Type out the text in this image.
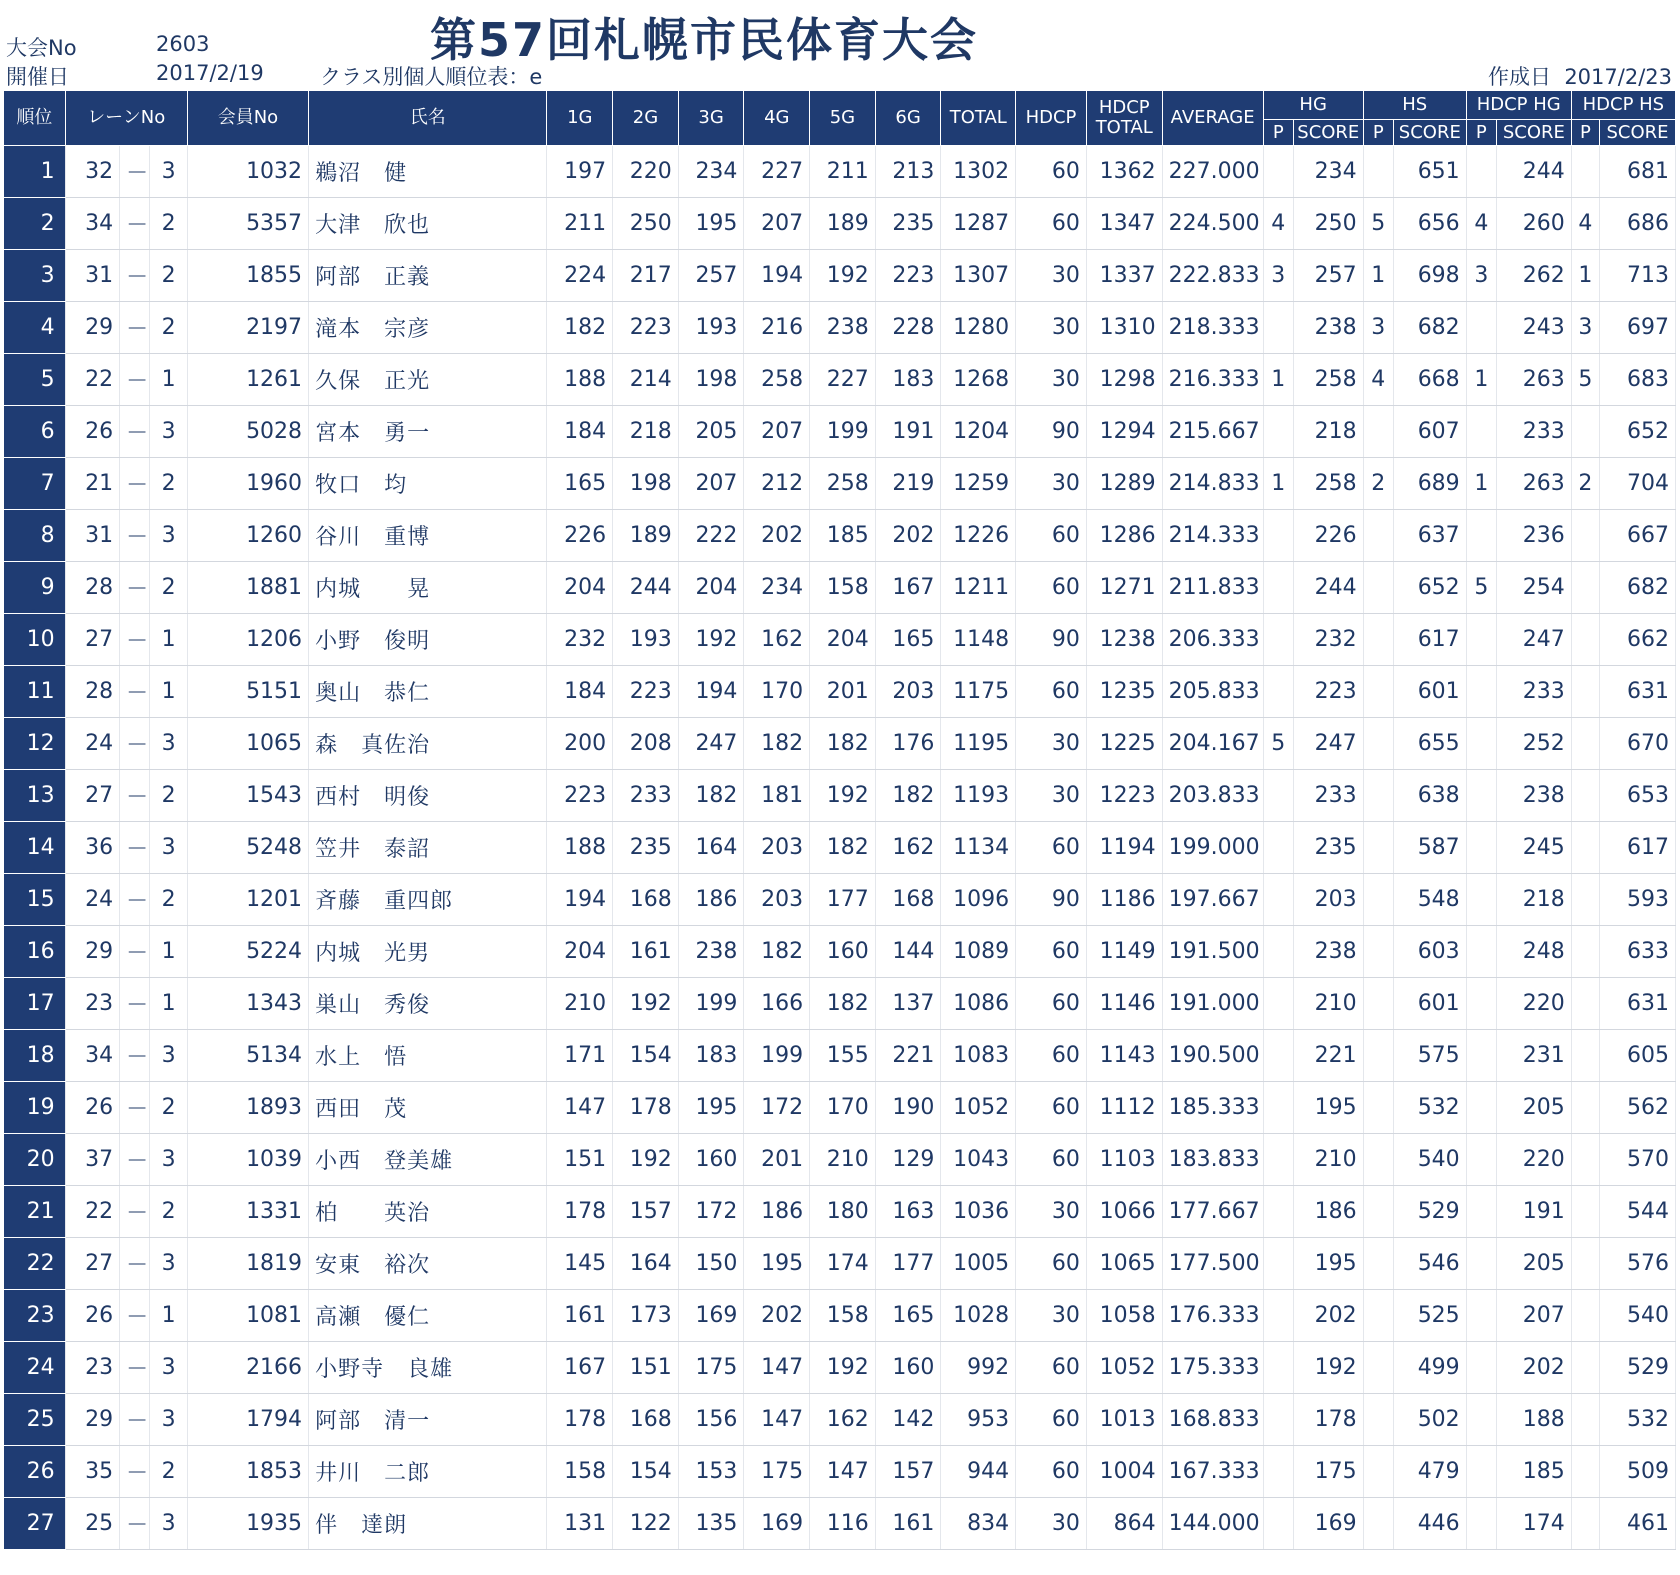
大会No	2603
開催日	2017/2/19	クラス別個人順位表：e
第57回札幌市民体育大会
作成日 2017/2/23
順位	レーンNo			会員No	氏名	1G	2G	3G	4G	5G	6G	TOTAL	HDCP	HDCP
TOTAL	AVERAGE	HG		HS		HDCP HG		HDCP HS	
																P	SCORE	P	SCORE	P	SCORE	P	SCORE
1	32	－	3	1032	鵜沼　健	197	220	234	227	211	213	1302	60	1362	227.000		234		651		244		681
2	34	－	2	5357	大津　欣也	211	250	195	207	189	235	1287	60	1347	224.500	4	250	5	656	4	260	4	686
3	31	－	2	1855	阿部　正義	224	217	257	194	192	223	1307	30	1337	222.833	3	257	1	698	3	262	1	713
4	29	－	2	2197	滝本　宗彦	182	223	193	216	238	228	1280	30	1310	218.333		238	3	682		243	3	697
5	22	－	1	1261	久保　正光	188	214	198	258	227	183	1268	30	1298	216.333	1	258	4	668	1	263	5	683
6	26	－	3	5028	宮本　勇一	184	218	205	207	199	191	1204	90	1294	215.667		218		607		233		652
7	21	－	2	1960	牧口　均	165	198	207	212	258	219	1259	30	1289	214.833	1	258	2	689	1	263	2	704
8	31	－	3	1260	谷川　重博	226	189	222	202	185	202	1226	60	1286	214.333		226		637		236		667
9	28	－	2	1881	内城　　晃	204	244	204	234	158	167	1211	60	1271	211.833		244		652	5	254		682
10	27	－	1	1206	小野　俊明	232	193	192	162	204	165	1148	90	1238	206.333		232		617		247		662
11	28	－	1	5151	奥山　恭仁	184	223	194	170	201	203	1175	60	1235	205.833		223		601		233		631
12	24	－	3	1065	森　真佐治	200	208	247	182	182	176	1195	30	1225	204.167	5	247		655		252		670
13	27	－	2	1543	西村　明俊	223	233	182	181	192	182	1193	30	1223	203.833		233		638		238		653
14	36	－	3	5248	笠井　泰詔	188	235	164	203	182	162	1134	60	1194	199.000		235		587		245		617
15	24	－	2	1201	斉藤　重四郎	194	168	186	203	177	168	1096	90	1186	197.667		203		548		218		593
16	29	－	1	5224	内城　光男	204	161	238	182	160	144	1089	60	1149	191.500		238		603		248		633
17	23	－	1	1343	巣山　秀俊	210	192	199	166	182	137	1086	60	1146	191.000		210		601		220		631
18	34	－	3	5134	水上　悟	171	154	183	199	155	221	1083	60	1143	190.500		221		575		231		605
19	26	－	2	1893	西田　茂	147	178	195	172	170	190	1052	60	1112	185.333		195		532		205		562
20	37	－	3	1039	小西　登美雄	151	192	160	201	210	129	1043	60	1103	183.833		210		540		220		570
21	22	－	2	1331	柏　　英治	178	157	172	186	180	163	1036	30	1066	177.667		186		529		191		544
22	27	－	3	1819	安東　裕次	145	164	150	195	174	177	1005	60	1065	177.500		195		546		205		576
23	26	－	1	1081	高瀬　優仁	161	173	169	202	158	165	1028	30	1058	176.333		202		525		207		540
24	23	－	3	2166	小野寺　良雄	167	151	175	147	192	160	992	60	1052	175.333		192		499		202		529
25	29	－	3	1794	阿部　清一	178	168	156	147	162	142	953	60	1013	168.833		178		502		188		532
26	35	－	2	1853	井川　二郎	158	154	153	175	147	157	944	60	1004	167.333		175		479		185		509
27	25	－	3	1935	伴　達朗	131	122	135	169	116	161	834	30	864	144.000		169		446		174		461
